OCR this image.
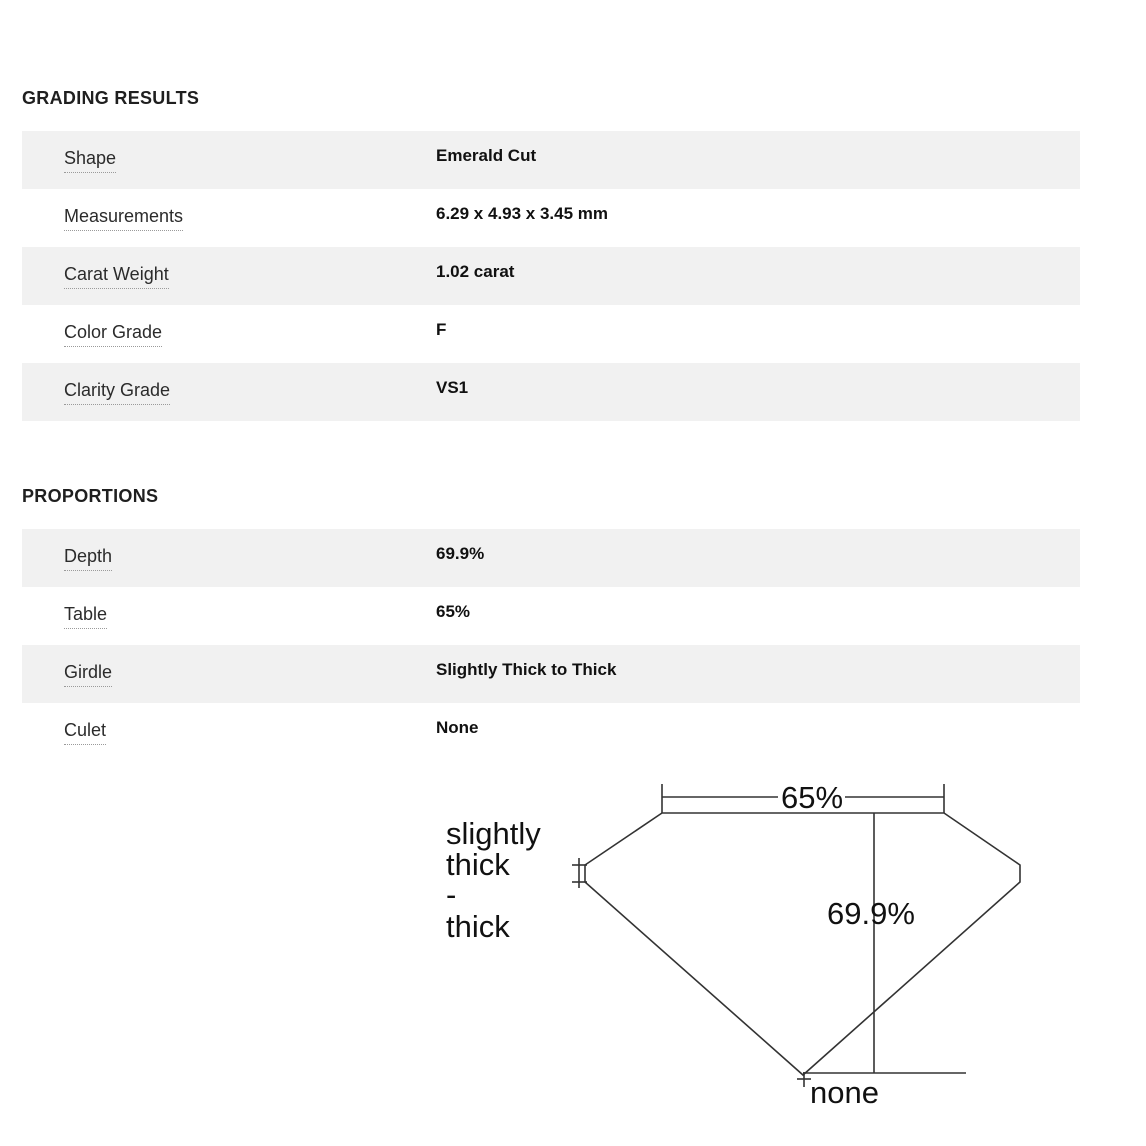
GRADING RESULTS
Shape	Emerald Cut
Measurements	6.29 x 4.93 x 3.45 mm
Carat Weight	1.02 carat
Color Grade	F
Clarity Grade	VS1
PROPORTIONS
Depth	69.9%
Table	65%
Girdle	Slightly Thick to Thick
Culet	None
65%
69.9%
slightly
thick
-
thick
none
